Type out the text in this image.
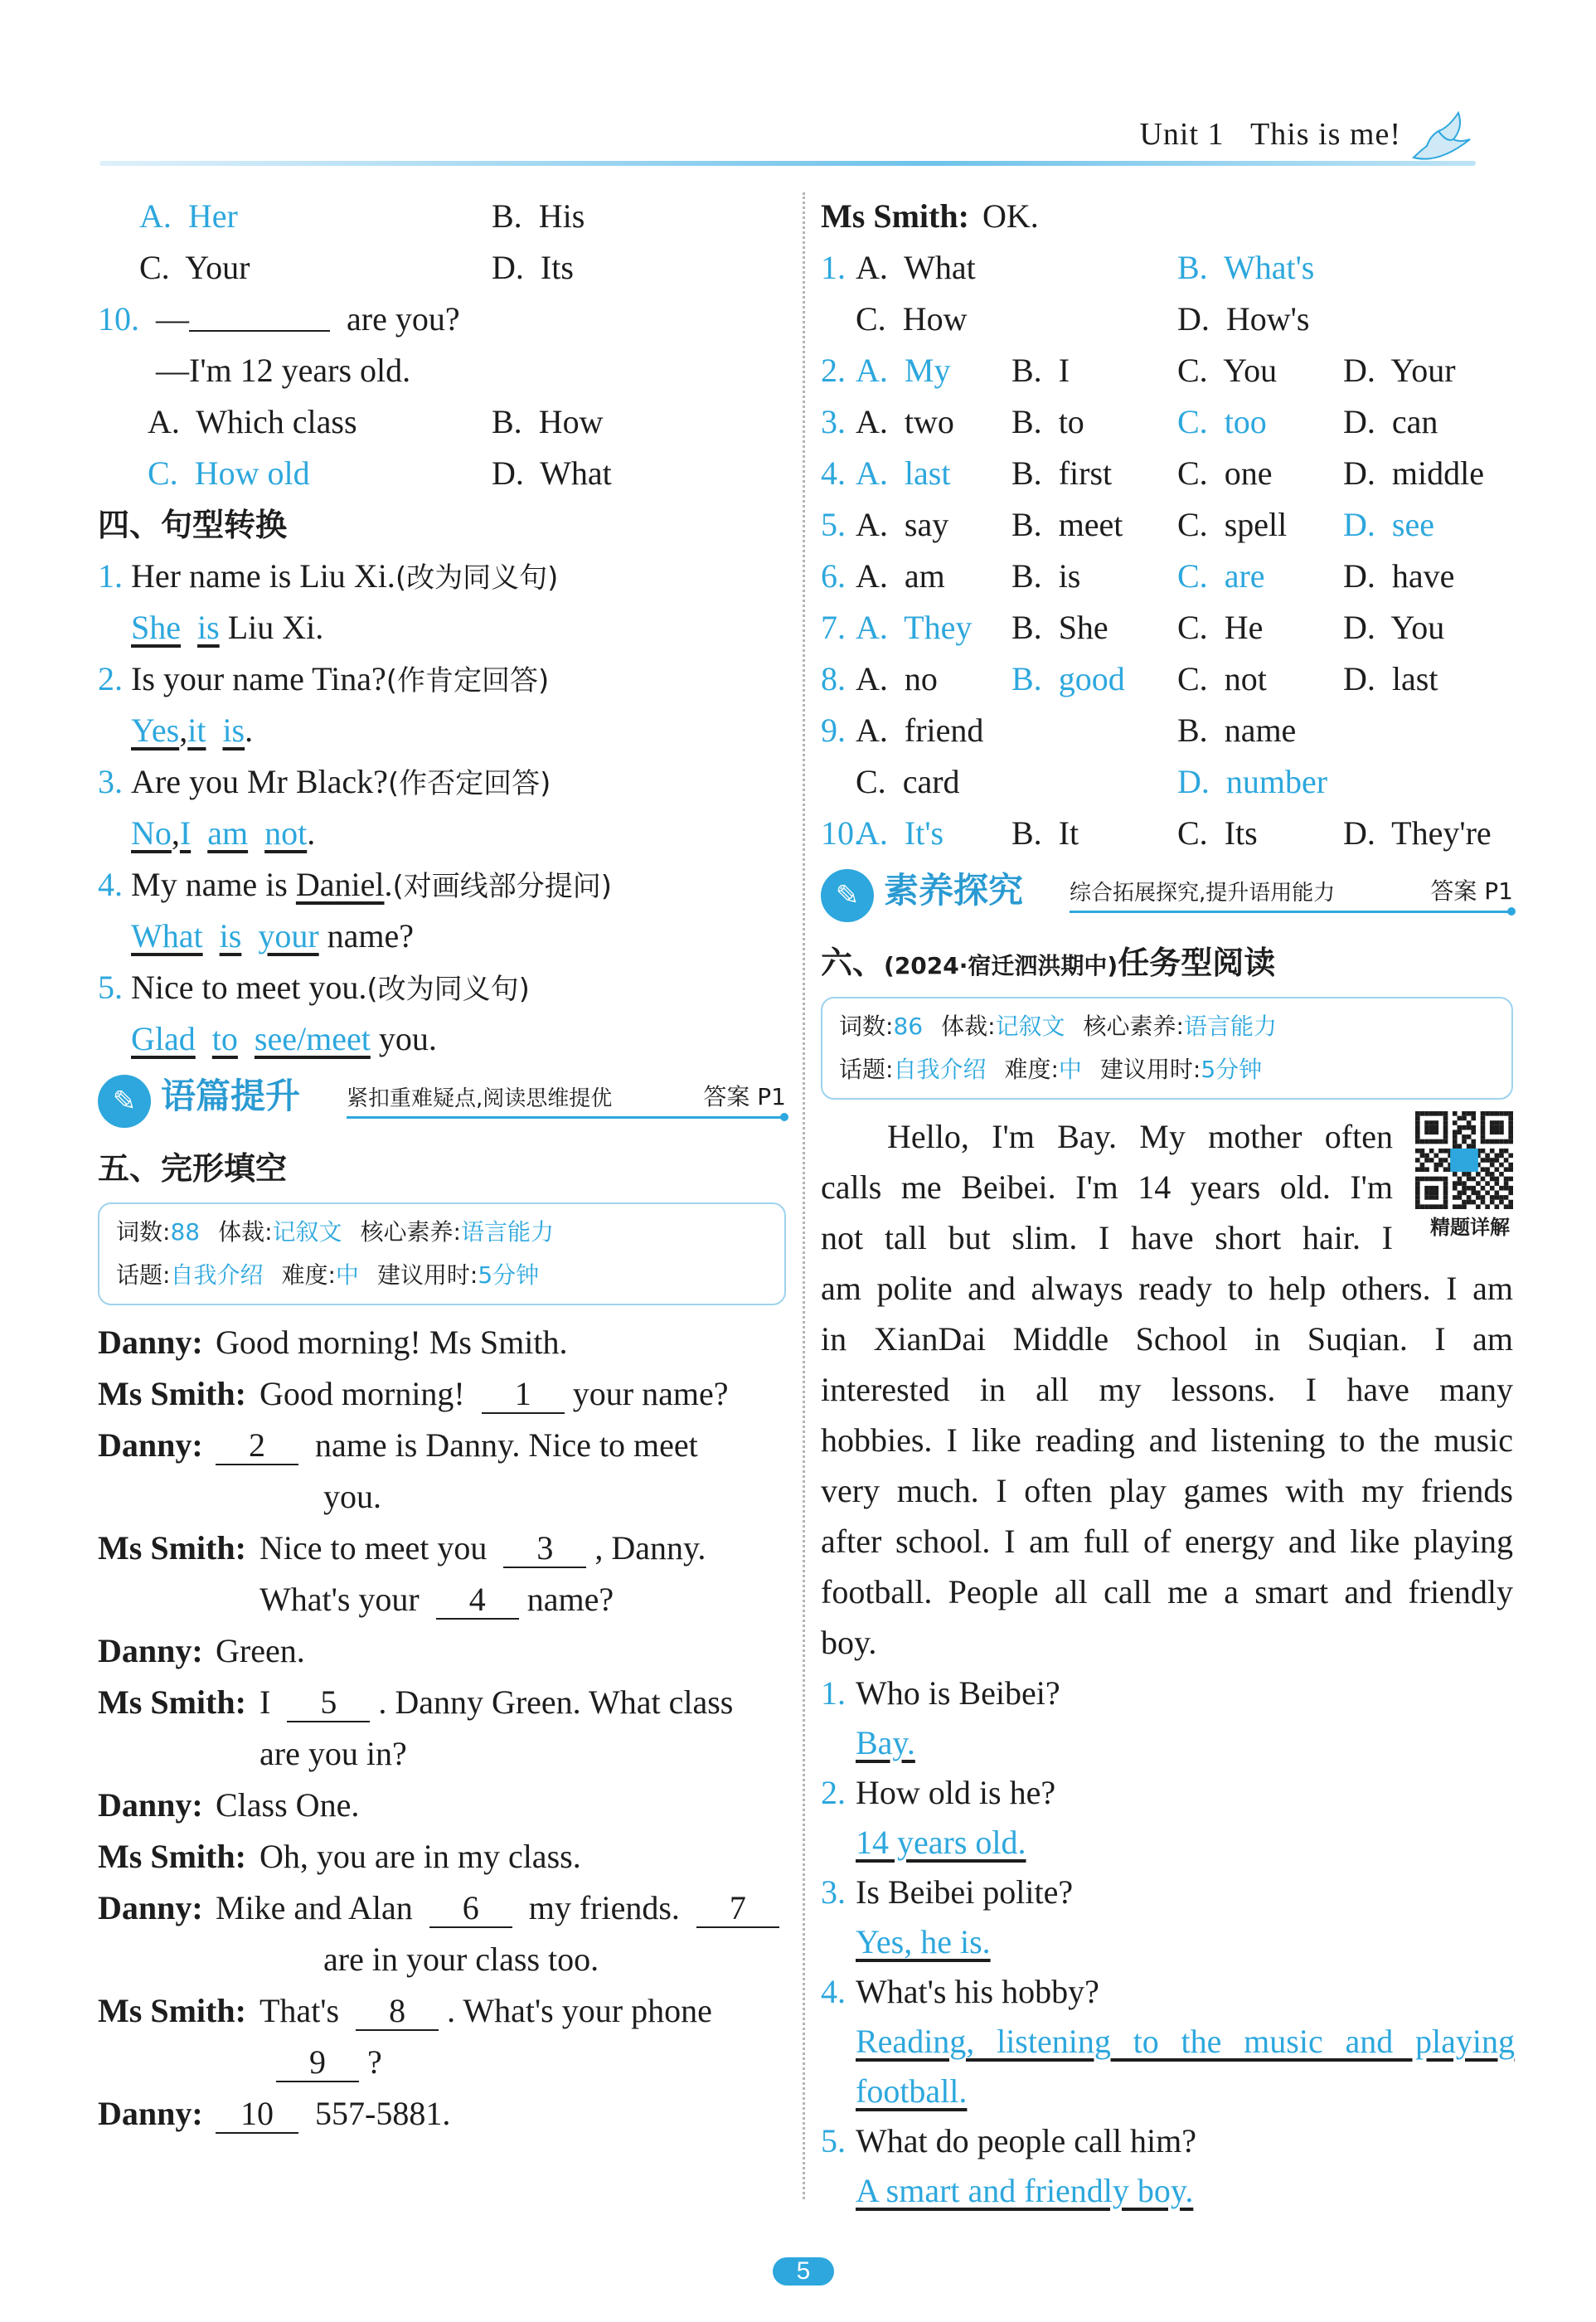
Unit 1 This is me!
A. Her	B. His
C. Your	D. Its
10. —
	are you?
—I'm 12 years old.
A. Which class	B. How
C. How old	D. What
四、句型转换
1. Her name is Liu Xi.(改为同义句)
She is Liu Xi.
2. Is your name Tina?(作肯定回答)
Yes,it is.
3. Are you Mr Black?(作否定回答)
No,I am not.
4. My name is Daniel.(对画线部分提问)
What is your name?
5. Nice to meet you.(改为同义句)
Glad to see/meet you.
✎ 语篇提升 紧扣重难疑点,阅读思维提优	答案 P1
五、完形填空
词数:88 体裁:记叙文 核心素养:语言能力
话题:自我介绍 难度:中 建议用时:5分钟
Danny: Good morning! Ms Smith.
Ms Smith: Good morning! 1 your name?
Danny:	2 name is Danny. Nice to meet
you.
Ms Smith: Nice to meet you 3 , Danny.
What's your 4 name?
Danny: Green.
Ms Smith: I 5 . Danny Green. What class
are you in?
Danny: Class One.
Ms Smith: Oh, you are in my class.
Danny: Mike and Alan 6 my friends. 7
are in your class too.
Ms Smith: That's 8 . What's your phone
9 ?
Danny:	10 557-5881.
Ms Smith: OK.
1. A. What	B. What's
C. How	D. How's
2. A. My B. I	C. You D. Your
3. A. two B. to	C. too D. can
4. A. last B. first C. one D. middle
5. A. say B. meet C. spell D. see
6. A. am B. is	C. are D. have
7. A. They B. She C. He D. You
8. A. no B. good C. not D. last
9. A. friend	B. name
C. card	D. number
10.
A. It's B. It	C. Its	D. They're
✎ 素养探究 综合拓展探究,提升语用能力	答案 P1
六、(2024·宿迁泗洪期中)任务型阅读
词数:86 体裁:记叙文 核心素养:语言能力
话题:自我介绍 难度:中 建议用时:5分钟
精题详解
Hello, I'm Bay. My mother often
calls me Beibei. I'm 14 years old. I'm
not tall but slim. I have short hair. I
am polite and always ready to help others. I am
in XianDai Middle School in Suqian. I am
interested in all my lessons. I have many
hobbies. I like reading and listening to the music
very much. I often play games with my friends
after school. I am full of energy and like playing
football. People all call me a smart and friendly
boy.
1. Who is Beibei?
Bay.
2. How old is he?
14 years old.
3. Is Beibei polite?
Yes, he is.
4. What's his hobby?
Reading, listening to the music and playing
football.
5. What do people call him?
A smart and friendly boy.
5
